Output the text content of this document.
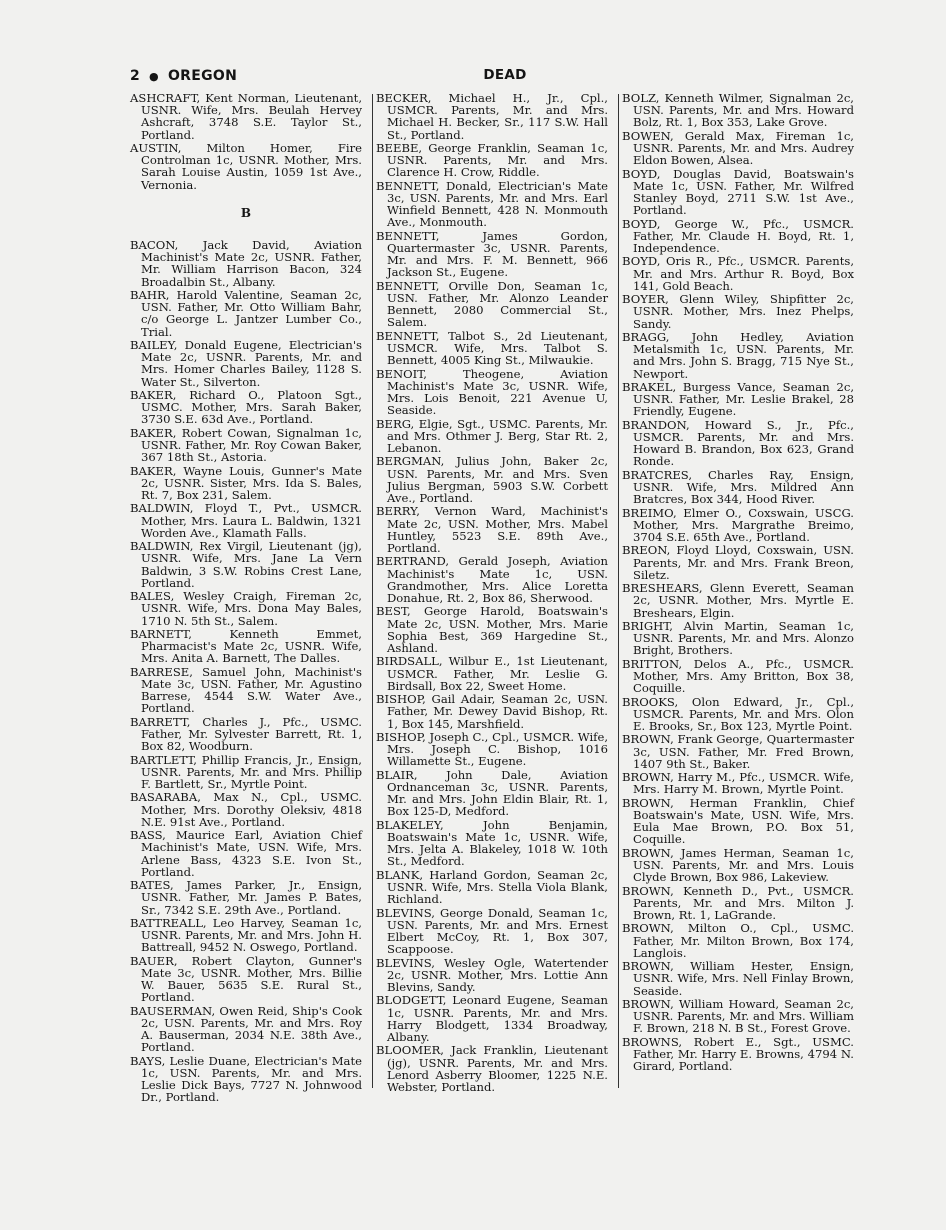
2 ● OREGON	DEAD
ASHCRAFT, Kent Norman, Lieutenant, USNR. Wife, Mrs. Beulah Hervey Ashcraft, 3748 S.E. Taylor St., Portland.
AUSTIN, Milton Homer, Fire Controlman 1c, USNR. Mother, Mrs. Sarah Louise Austin, 1059 1st Ave., Vernonia.
B
BACON, Jack David, Aviation Machinist's Mate 2c, USNR. Father, Mr. William Harrison Bacon, 324 Broadalbin St., Albany.
BAHR, Harold Valentine, Seaman 2c, USN. Father, Mr. Otto William Bahr, c/o George L. Jantzer Lumber Co., Trial.
BAILEY, Donald Eugene, Electrician's Mate 2c, USNR. Parents, Mr. and Mrs. Homer Charles Bailey, 1128 S. Water St., Silverton.
BAKER, Richard O., Platoon Sgt., USMC. Mother, Mrs. Sarah Baker, 3730 S.E. 63d Ave., Portland.
BAKER, Robert Cowan, Signalman 1c, USNR. Father, Mr. Roy Cowan Baker, 367 18th St., Astoria.
BAKER, Wayne Louis, Gunner's Mate 2c, USNR. Sister, Mrs. Ida S. Bales, Rt. 7, Box 231, Salem.
BALDWIN, Floyd T., Pvt., USMCR. Mother, Mrs. Laura L. Baldwin, 1321 Worden Ave., Klamath Falls.
BALDWIN, Rex Virgil, Lieutenant (jg), USNR. Wife, Mrs. Jane La Vern Baldwin, 3 S.W. Robins Crest Lane, Portland.
BALES, Wesley Craigh, Fireman 2c, USNR. Wife, Mrs. Dona May Bales, 1710 N. 5th St., Salem.
BARNETT, Kenneth Emmet, Pharmacist's Mate 2c, USNR. Wife, Mrs. Anita A. Barnett, The Dalles.
BARRESE, Samuel John, Machinist's Mate 3c, USN. Father, Mr. Agustino Barrese, 4544 S.W. Water Ave., Portland.
BARRETT, Charles J., Pfc., USMC. Father, Mr. Sylvester Barrett, Rt. 1, Box 82, Woodburn.
BARTLETT, Phillip Francis, Jr., Ensign, USNR. Parents, Mr. and Mrs. Phillip F. Bartlett, Sr., Myrtle Point.
BASARABA, Max N., Cpl., USMC. Mother, Mrs. Dorothy Oleksiv, 4818 N.E. 91st Ave., Portland.
BASS, Maurice Earl, Aviation Chief Machinist's Mate, USN. Wife, Mrs. Arlene Bass, 4323 S.E. Ivon St., Portland.
BATES, James Parker, Jr., Ensign, USNR. Father, Mr. James P. Bates, Sr., 7342 S.E. 29th Ave., Portland.
BATTREALL, Leo Harvey, Seaman 1c, USNR. Parents, Mr. and Mrs. John H. Battreall, 9452 N. Oswego, Portland.
BAUER, Robert Clayton, Gunner's Mate 3c, USNR. Mother, Mrs. Billie W. Bauer, 5635 S.E. Rural St., Portland.
BAUSERMAN, Owen Reid, Ship's Cook 2c, USN. Parents, Mr. and Mrs. Roy A. Bauserman, 2034 N.E. 38th Ave., Portland.
BAYS, Leslie Duane, Electrician's Mate 1c, USN. Parents, Mr. and Mrs. Leslie Dick Bays, 7727 N. Johnwood Dr., Portland.
BECKER, Michael H., Jr., Cpl., USMCR. Parents, Mr. and Mrs. Michael H. Becker, Sr., 117 S.W. Hall St., Portland.
BEEBE, George Franklin, Seaman 1c, USNR. Parents, Mr. and Mrs. Clarence H. Crow, Riddle.
BENNETT, Donald, Electrician's Mate 3c, USN. Parents, Mr. and Mrs. Earl Winfield Bennett, 428 N. Monmouth Ave., Monmouth.
BENNETT, James Gordon, Quartermaster 3c, USNR. Parents, Mr. and Mrs. F. M. Bennett, 966 Jackson St., Eugene.
BENNETT, Orville Don, Seaman 1c, USN. Father, Mr. Alonzo Leander Bennett, 2080 Commercial St., Salem.
BENNETT, Talbot S., 2d Lieutenant, USMCR. Wife, Mrs. Talbot S. Bennett, 4005 King St., Milwaukie.
BENOIT, Theogene, Aviation Machinist's Mate 3c, USNR. Wife, Mrs. Lois Benoit, 221 Avenue U, Seaside.
BERG, Elgie, Sgt., USMC. Parents, Mr. and Mrs. Othmer J. Berg, Star Rt. 2, Lebanon.
BERGMAN, Julius John, Baker 2c, USN. Parents, Mr. and Mrs. Sven Julius Bergman, 5903 S.W. Corbett Ave., Portland.
BERRY, Vernon Ward, Machinist's Mate 2c, USN. Mother, Mrs. Mabel Huntley, 5523 S.E. 89th Ave., Portland.
BERTRAND, Gerald Joseph, Aviation Machinist's Mate 1c, USN. Grandmother, Mrs. Alice Loretta Donahue, Rt. 2, Box 86, Sherwood.
BEST, George Harold, Boatswain's Mate 2c, USN. Mother, Mrs. Marie Sophia Best, 369 Hargedine St., Ashland.
BIRDSALL, Wilbur E., 1st Lieutenant, USMCR. Father, Mr. Leslie G. Birdsall, Box 22, Sweet Home.
BISHOP, Gail Adair, Seaman 2c, USN. Father, Mr. Dewey David Bishop, Rt. 1, Box 145, Marshfield.
BISHOP, Joseph C., Cpl., USMCR. Wife, Mrs. Joseph C. Bishop, 1016 Willamette St., Eugene.
BLAIR, John Dale, Aviation Ordnanceman 3c, USNR. Parents, Mr. and Mrs. John Eldin Blair, Rt. 1, Box 125-D, Medford.
BLAKELEY, John Benjamin, Boatswain's Mate 1c, USNR. Wife, Mrs. Jelta A. Blakeley, 1018 W. 10th St., Medford.
BLANK, Harland Gordon, Seaman 2c, USNR. Wife, Mrs. Stella Viola Blank, Richland.
BLEVINS, George Donald, Seaman 1c, USN. Parents, Mr. and Mrs. Ernest Elbert McCoy, Rt. 1, Box 307, Scappoose.
BLEVINS, Wesley Ogle, Watertender 2c, USNR. Mother, Mrs. Lottie Ann Blevins, Sandy.
BLODGETT, Leonard Eugene, Seaman 1c, USNR. Parents, Mr. and Mrs. Harry Blodgett, 1334 Broadway, Albany.
BLOOMER, Jack Franklin, Lieutenant (jg), USNR. Parents, Mr. and Mrs. Lenord Asberry Bloomer, 1225 N.E. Webster, Portland.
BOLZ, Kenneth Wilmer, Signalman 2c, USN. Parents, Mr. and Mrs. Howard Bolz, Rt. 1, Box 353, Lake Grove.
BOWEN, Gerald Max, Fireman 1c, USNR. Parents, Mr. and Mrs. Audrey Eldon Bowen, Alsea.
BOYD, Douglas David, Boatswain's Mate 1c, USN. Father, Mr. Wilfred Stanley Boyd, 2711 S.W. 1st Ave., Portland.
BOYD, George W., Pfc., USMCR. Father, Mr. Claude H. Boyd, Rt. 1, Independence.
BOYD, Oris R., Pfc., USMCR. Parents, Mr. and Mrs. Arthur R. Boyd, Box 141, Gold Beach.
BOYER, Glenn Wiley, Shipfitter 2c, USNR. Mother, Mrs. Inez Phelps, Sandy.
BRAGG, John Hedley, Aviation Metalsmith 1c, USN. Parents, Mr. and Mrs. John S. Bragg, 715 Nye St., Newport.
BRAKEL, Burgess Vance, Seaman 2c, USNR. Father, Mr. Leslie Brakel, 28 Friendly, Eugene.
BRANDON, Howard S., Jr., Pfc., USMCR. Parents, Mr. and Mrs. Howard B. Brandon, Box 623, Grand Ronde.
BRATCRES, Charles Ray, Ensign, USNR. Wife, Mrs. Mildred Ann Bratcres, Box 344, Hood River.
BREIMO, Elmer O., Coxswain, USCG. Mother, Mrs. Margrathe Breimo, 3704 S.E. 65th Ave., Portland.
BREON, Floyd Lloyd, Coxswain, USN. Parents, Mr. and Mrs. Frank Breon, Siletz.
BRESHEARS, Glenn Everett, Seaman 2c, USNR. Mother, Mrs. Myrtle E. Breshears, Elgin.
BRIGHT, Alvin Martin, Seaman 1c, USNR. Parents, Mr. and Mrs. Alonzo Bright, Brothers.
BRITTON, Delos A., Pfc., USMCR. Mother, Mrs. Amy Britton, Box 38, Coquille.
BROOKS, Olon Edward, Jr., Cpl., USMCR. Parents, Mr. and Mrs. Olon E. Brooks, Sr., Box 123, Myrtle Point.
BROWN, Frank George, Quartermaster 3c, USN. Father, Mr. Fred Brown, 1407 9th St., Baker.
BROWN, Harry M., Pfc., USMCR. Wife, Mrs. Harry M. Brown, Myrtle Point.
BROWN, Herman Franklin, Chief Boatswain's Mate, USN. Wife, Mrs. Eula Mae Brown, P.O. Box 51, Coquille.
BROWN, James Herman, Seaman 1c, USN. Parents, Mr. and Mrs. Louis Clyde Brown, Box 986, Lakeview.
BROWN, Kenneth D., Pvt., USMCR. Parents, Mr. and Mrs. Milton J. Brown, Rt. 1, LaGrande.
BROWN, Milton O., Cpl., USMC. Father, Mr. Milton Brown, Box 174, Langlois.
BROWN, William Hester, Ensign, USNR. Wife, Mrs. Nell Finlay Brown, Seaside.
BROWN, William Howard, Seaman 2c, USNR. Parents, Mr. and Mrs. William F. Brown, 218 N. B St., Forest Grove.
BROWNS, Robert E., Sgt., USMC. Father, Mr. Harry E. Browns, 4794 N. Girard, Portland.
